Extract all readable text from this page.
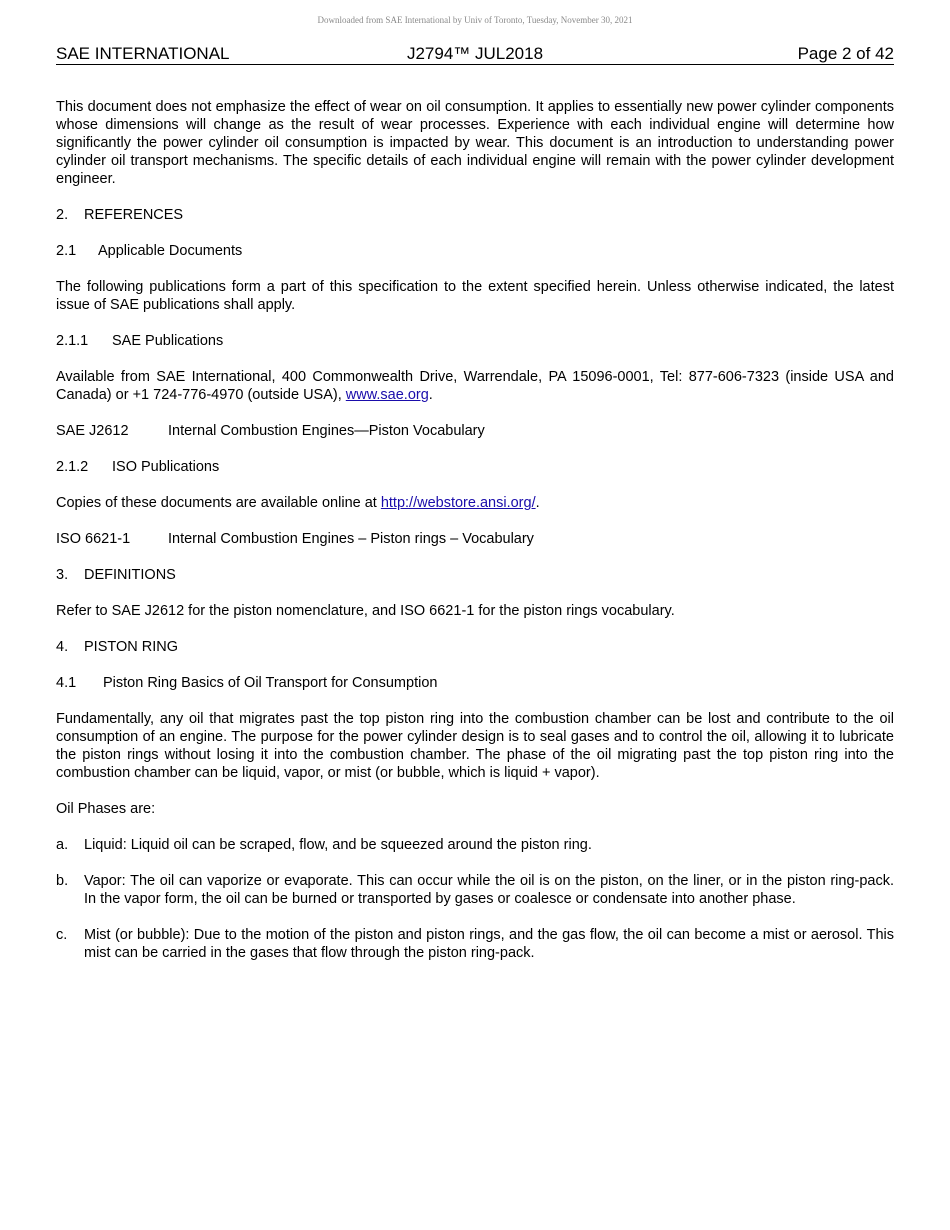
Downloaded from SAE International by Univ of Toronto, Tuesday, November 30, 2021
SAE INTERNATIONAL	J2794™ JUL2018	Page 2 of 42

This document does not emphasize the effect of wear on oil consumption. It applies to essentially new power cylinder components whose dimensions will change as the result of wear processes. Experience with each individual engine will determine how significantly the power cylinder oil consumption is impacted by wear. This document is an introduction to understanding power cylinder oil transport mechanisms. The specific details of each individual engine will remain with the power cylinder development engineer.

2. REFERENCES
2.1 Applicable Documents

The following publications form a part of this specification to the extent specified herein. Unless otherwise indicated, the latest issue of SAE publications shall apply.

2.1.1 SAE Publications

Available from SAE International, 400 Commonwealth Drive, Warrendale, PA 15096-0001, Tel: 877-606-7323 (inside USA and Canada) or +1 724-776-4970 (outside USA), www.sae.org.

SAE J2612	Internal Combustion Engines—Piston Vocabulary
2.1.2 ISO Publications

Copies of these documents are available online at http://webstore.ansi.org/.

ISO 6621-1	Internal Combustion Engines – Piston rings – Vocabulary
3. DEFINITIONS

Refer to SAE J2612 for the piston nomenclature, and ISO 6621-1 for the piston rings vocabulary.

4. PISTON RING
4.1 Piston Ring Basics of Oil Transport for Consumption

Fundamentally, any oil that migrates past the top piston ring into the combustion chamber can be lost and contribute to the oil consumption of an engine. The purpose for the power cylinder design is to seal gases and to control the oil, allowing it to lubricate the piston rings without losing it into the combustion chamber. The phase of the oil migrating past the top piston ring into the combustion chamber can be liquid, vapor, or mist (or bubble, which is liquid + vapor).

Oil Phases are:

a. Liquid: Liquid oil can be scraped, flow, and be squeezed around the piston ring.
b. Vapor: The oil can vaporize or evaporate. This can occur while the oil is on the piston, on the liner, or in the piston ring-pack. In the vapor form, the oil can be burned or transported by gases or coalesce or condensate into another phase.
c. Mist (or bubble): Due to the motion of the piston and piston rings, and the gas flow, the oil can become a mist or aerosol. This mist can be carried in the gases that flow through the piston ring-pack.
